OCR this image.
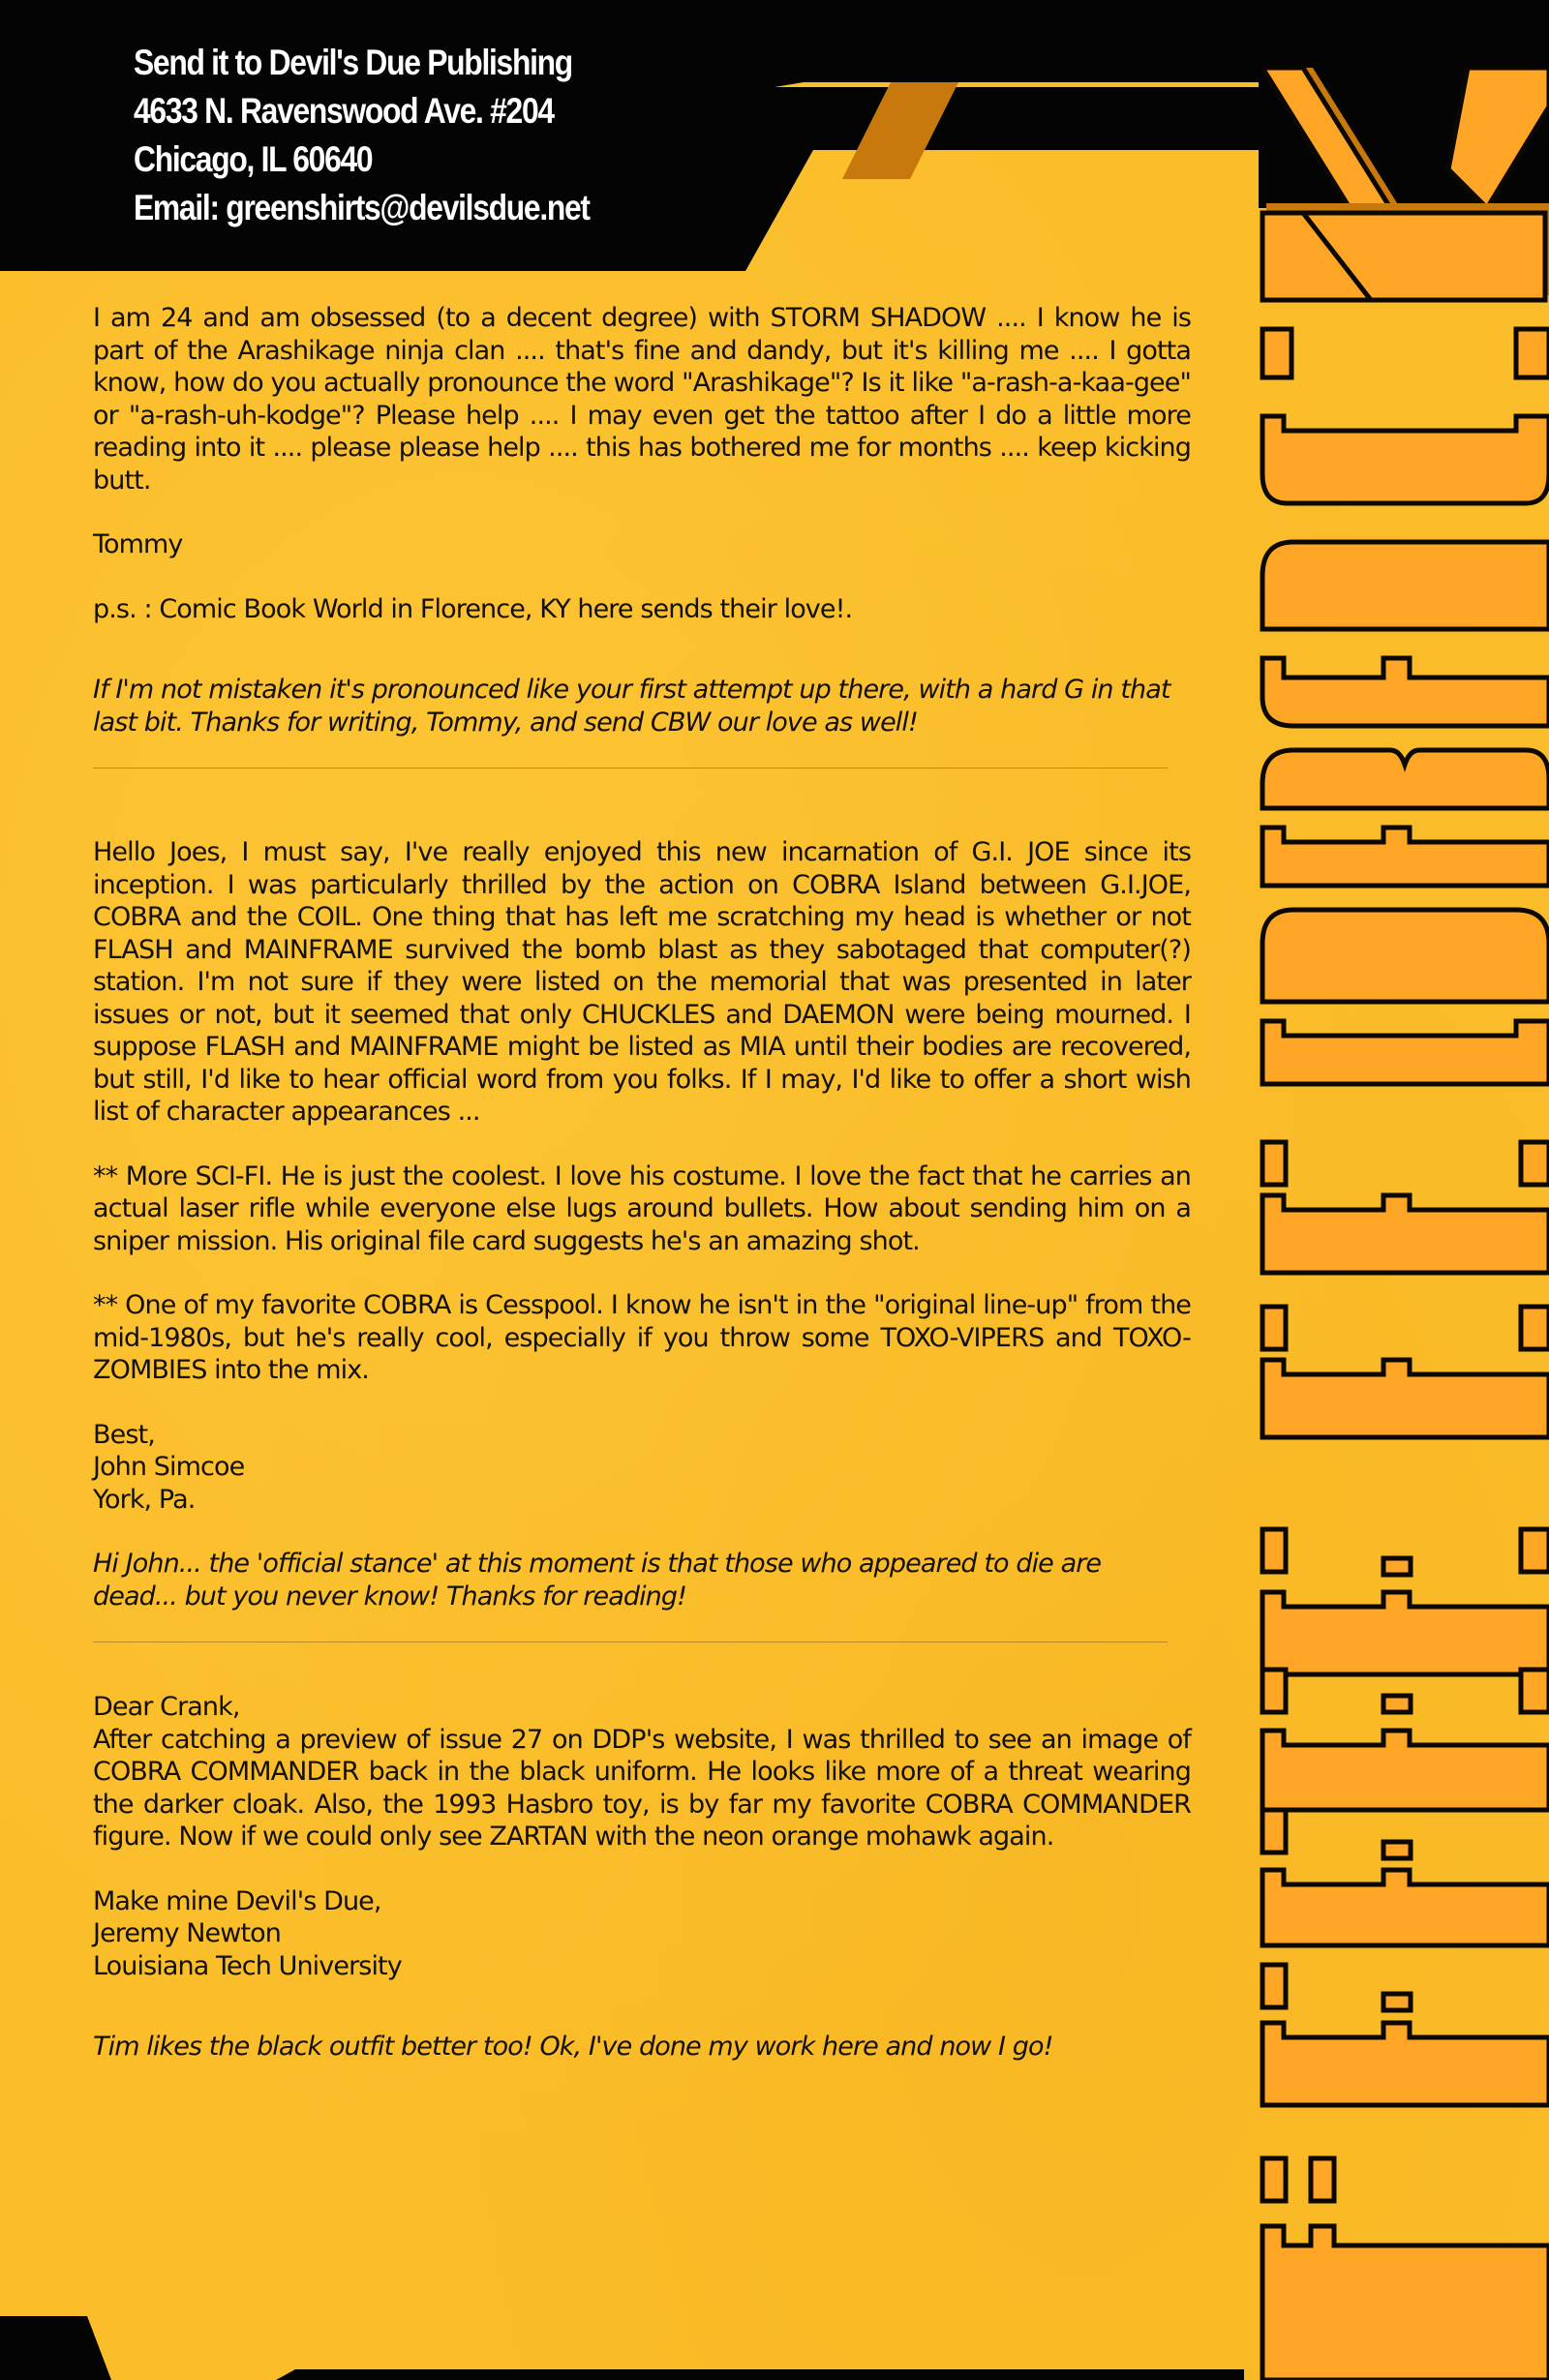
Send it to Devil's Due Publishing
4633 N. Ravenswood Ave. #204
Chicago, IL 60640
Email: greenshirts@devilsdue.net

I am 24 and am obsessed (to a decent degree) with STORM SHADOW .... I know he is part of the Arashikage ninja clan .... that's fine and dandy, but it's killing me .... I gotta know, how do you actually pronounce the word "Arashikage"? Is it like "a-rash-a-kaa-gee" or "a-rash-uh-kodge"? Please help .... I may even get the tattoo after I do a little more reading into it .... please please help .... this has bothered me for months .... keep kicking butt.

Tommy

p.s. : Comic Book World in Florence, KY here sends their love!.

If I'm not mistaken it's pronounced like your first attempt up there, with a hard G in that last bit. Thanks for writing, Tommy, and send CBW our love as well!

Hello Joes, I must say, I've really enjoyed this new incarnation of G.I. JOE since its inception. I was particularly thrilled by the action on COBRA Island between G.I.JOE, COBRA and the COIL. One thing that has left me scratching my head is whether or not FLASH and MAINFRAME survived the bomb blast as they sabotaged that computer(?) station. I'm not sure if they were listed on the memorial that was presented in later issues or not, but it seemed that only CHUCKLES and DAEMON were being mourned. I suppose FLASH and MAINFRAME might be listed as MIA until their bodies are recovered, but still, I'd like to hear official word from you folks. If I may, I'd like to offer a short wish list of character appearances ...

** More SCI-FI. He is just the coolest. I love his costume. I love the fact that he carries an actual laser rifle while everyone else lugs around bullets. How about sending him on a sniper mission. His original file card suggests he's an amazing shot.

** One of my favorite COBRA is Cesspool. I know he isn't in the "original line-up" from the mid-1980s, but he's really cool, especially if you throw some TOXO-VIPERS and TOXO-ZOMBIES into the mix.

Best,

John Simcoe

York, Pa.

Hi John... the 'official stance' at this moment is that those who appeared to die are dead... but you never know! Thanks for reading!

Dear Crank,

After catching a preview of issue 27 on DDP's website, I was thrilled to see an image of COBRA COMMANDER back in the black uniform. He looks like more of a threat wearing the darker cloak. Also, the 1993 Hasbro toy, is by far my favorite COBRA COMMANDER figure. Now if we could only see ZARTAN with the neon orange mohawk again.

Make mine Devil's Due,

Jeremy Newton

Louisiana Tech University

Tim likes the black outfit better too! Ok, I've done my work here and now I go!
